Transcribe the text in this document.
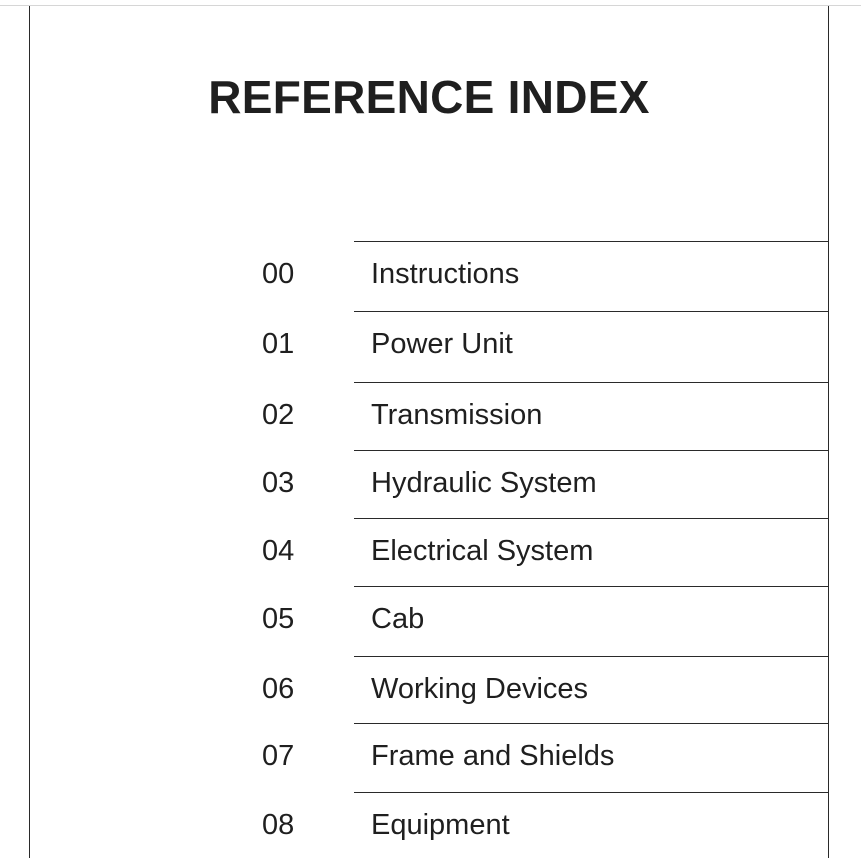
REFERENCE INDEX
00	Instructions
01	Power Unit
02	Transmission
03	Hydraulic System
04	Electrical System
05	Cab
06	Working Devices
07	Frame and Shields
08	Equipment
